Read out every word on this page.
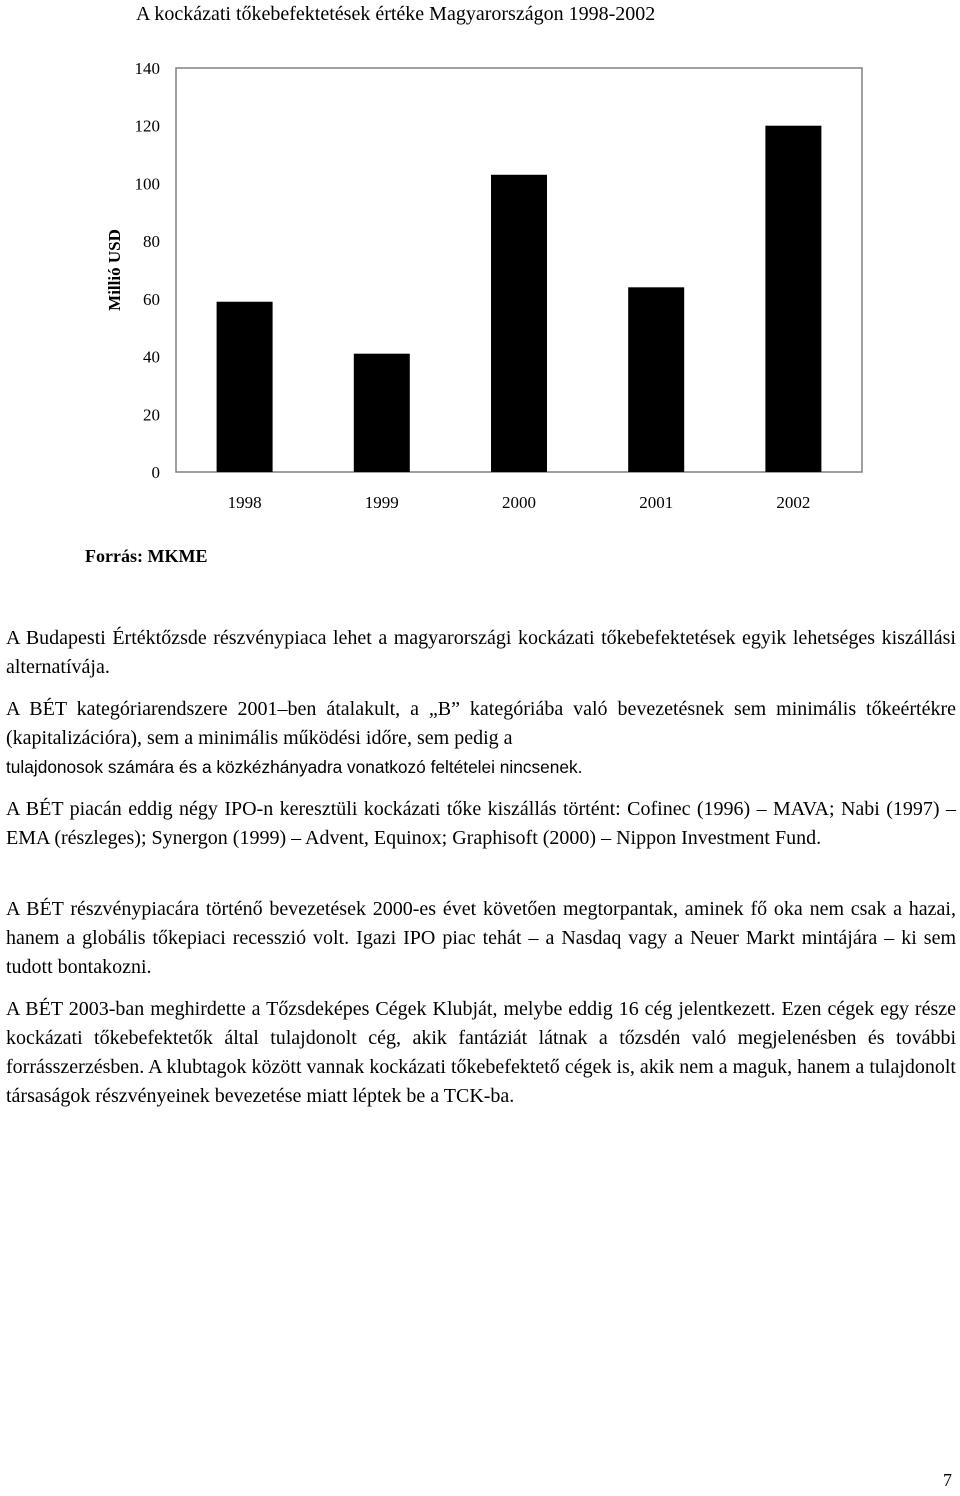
A kockázati tőkebefektetések értéke Magyarországon 1998-2002
0
20
40
60
80
100
120
140
Millió USD
1998	1999	2000	2001	2002
Forrás: MKME

A Budapesti Értéktőzsde részvénypiaca lehet a magyarországi kockázati tőkebefektetések egyik lehetséges kiszállási alternatívája.

A BÉT kategóriarendszere 2001–ben átalakult, a „B” kategóriába való bevezetésnek sem minimális tőkeértékre (kapitalizációra), sem a minimális működési időre, sem pedig a

tulajdonosok számára és a közkézhányadra vonatkozó feltételei nincsenek.

A BÉT piacán eddig négy IPO-n keresztüli kockázati tőke kiszállás történt: Cofinec (1996) – MAVA; Nabi (1997) – EMA (részleges); Synergon (1999) – Advent, Equinox; Graphisoft (2000) – Nippon Investment Fund.

A BÉT részvénypiacára történő bevezetések 2000-es évet követően megtorpantak, aminek fő oka nem csak a hazai, hanem a globális tőkepiaci recesszió volt. Igazi IPO piac tehát – a Nasdaq vagy a Neuer Markt mintájára – ki sem tudott bontakozni.

A BÉT 2003-ban meghirdette a Tőzsdeképes Cégek Klubját, melybe eddig 16 cég jelentkezett. Ezen cégek egy része kockázati tőkebefektetők által tulajdonolt cég, akik fantáziát látnak a tőzsdén való megjelenésben és további forrásszerzésben. A klubtagok között vannak kockázati tőkebefektető cégek is, akik nem a maguk, hanem a tulajdonolt társaságok részvényeinek bevezetése miatt léptek be a TCK-ba.

7
